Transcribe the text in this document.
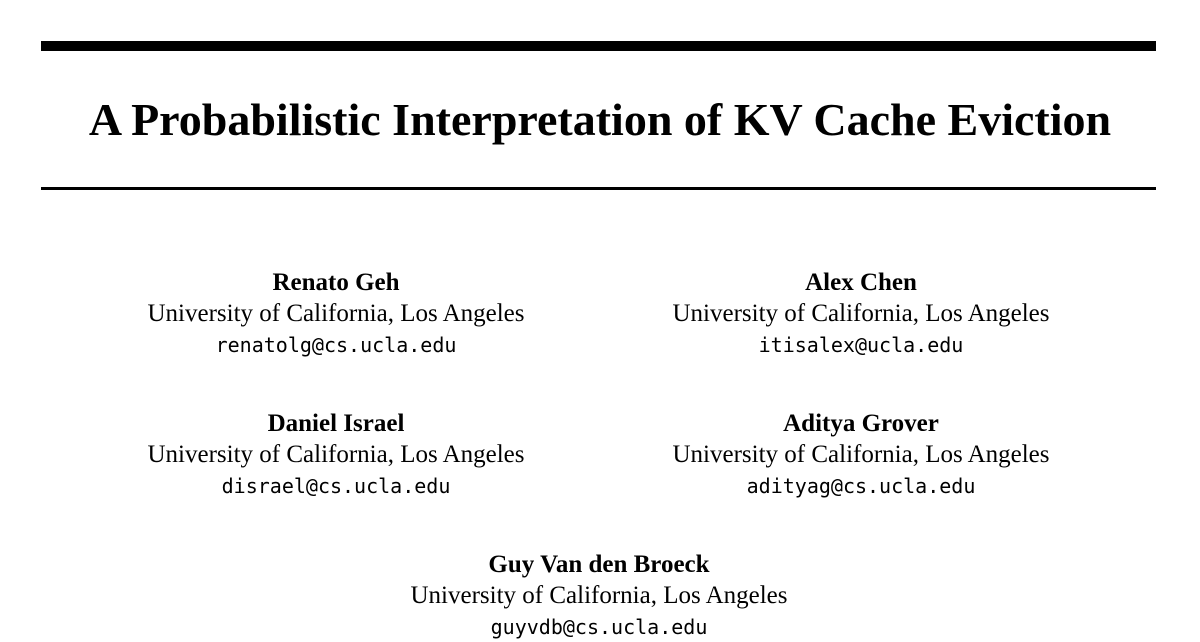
A Probabilistic Interpretation of KV Cache Eviction
Renato Geh
University of California, Los Angeles
renatolg@cs.ucla.edu
Alex Chen
University of California, Los Angeles
itisalex@ucla.edu
Daniel Israel
University of California, Los Angeles
disrael@cs.ucla.edu
Aditya Grover
University of California, Los Angeles
adityag@cs.ucla.edu
Guy Van den Broeck
University of California, Los Angeles
guyvdb@cs.ucla.edu
